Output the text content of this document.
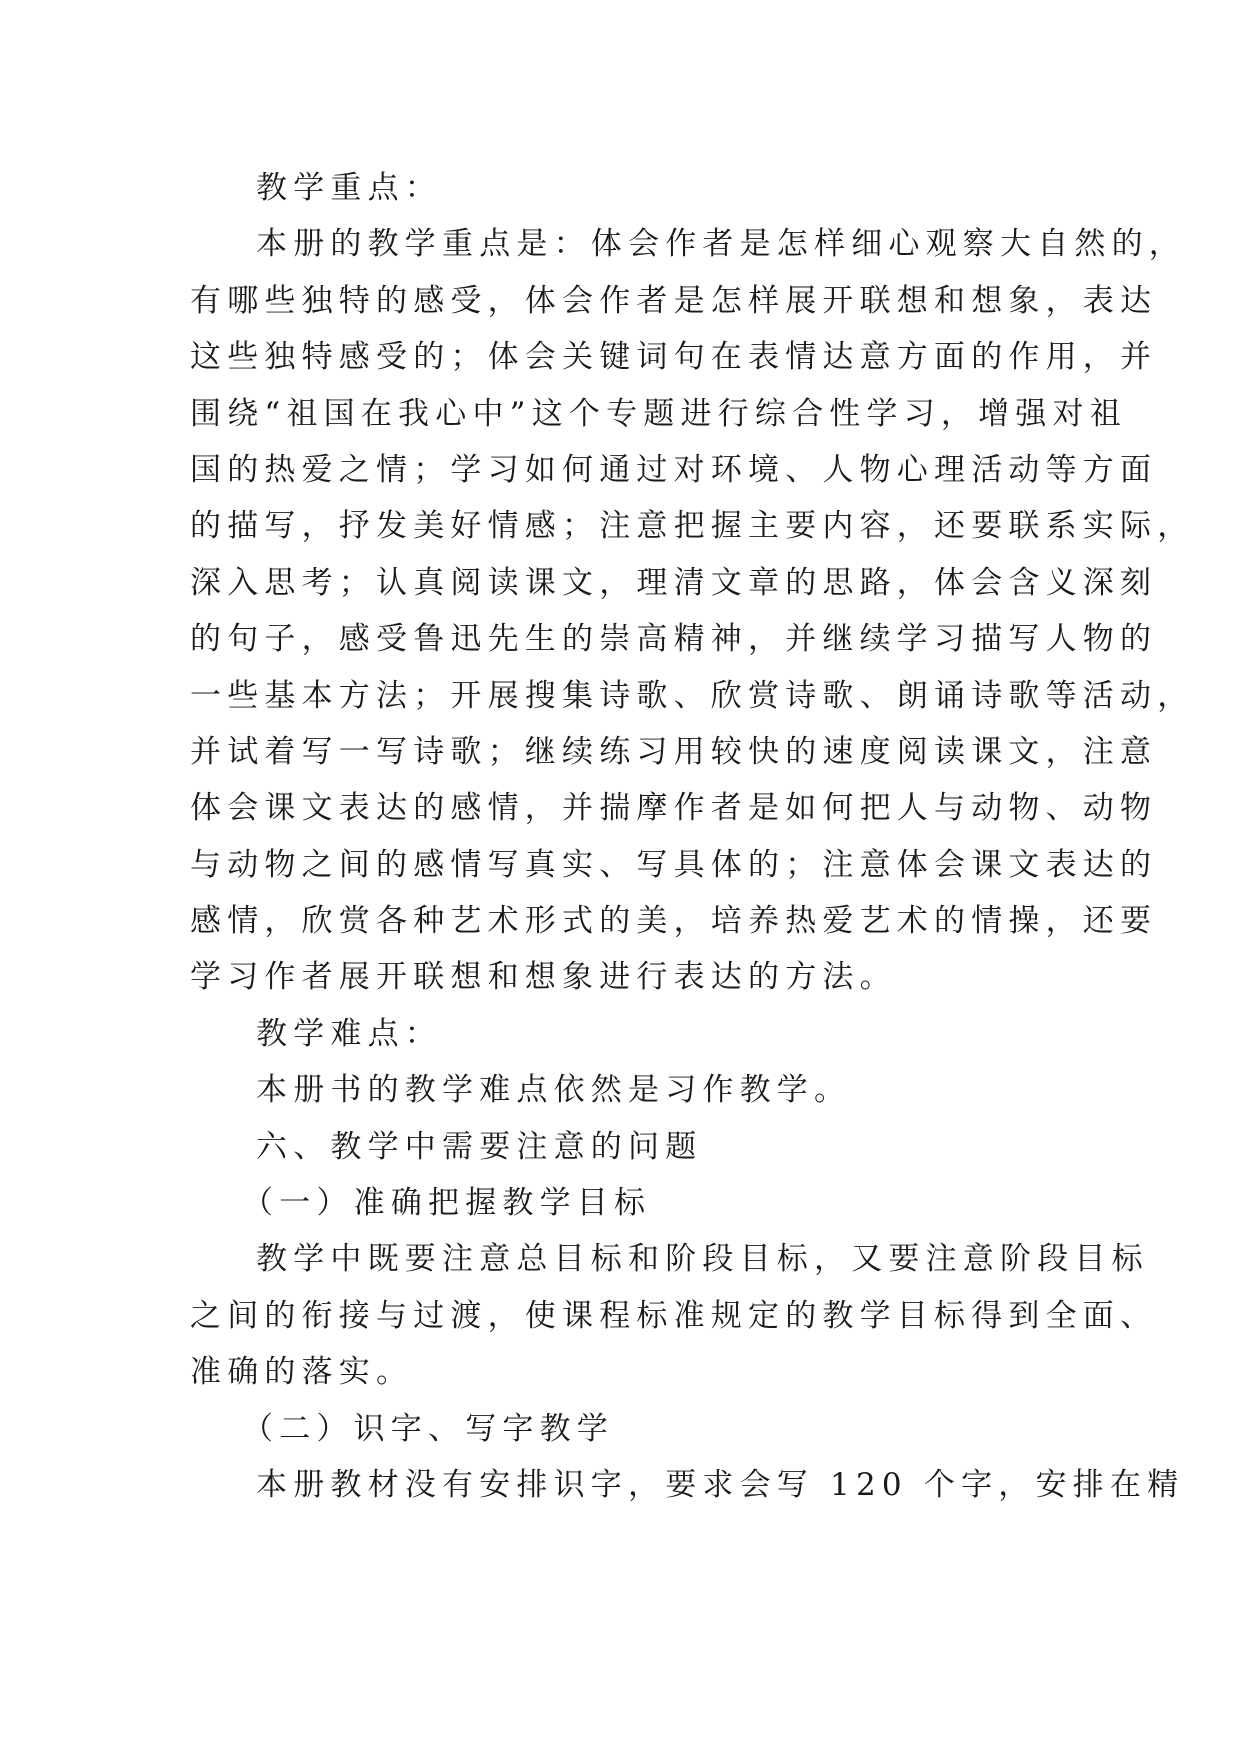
教学重点：
本册的教学重点是：体会作者是怎样细心观察大自然的，
有哪些独特的感受，体会作者是怎样展开联想和想象，表达
这些独特感受的；体会关键词句在表情达意方面的作用，并
围绕“祖国在我心中”这个专题进行综合性学习，增强对祖
国的热爱之情；学习如何通过对环境、人物心理活动等方面
的描写，抒发美好情感；注意把握主要内容，还要联系实际，
深入思考；认真阅读课文，理清文章的思路，体会含义深刻
的句子，感受鲁迅先生的崇高精神，并继续学习描写人物的
一些基本方法；开展搜集诗歌、欣赏诗歌、朗诵诗歌等活动，
并试着写一写诗歌；继续练习用较快的速度阅读课文，注意
体会课文表达的感情，并揣摩作者是如何把人与动物、动物
与动物之间的感情写真实、写具体的；注意体会课文表达的
感情，欣赏各种艺术形式的美，培养热爱艺术的情操，还要
学习作者展开联想和想象进行表达的方法。
教学难点：
本册书的教学难点依然是习作教学。
六、教学中需要注意的问题
（一）准确把握教学目标
教学中既要注意总目标和阶段目标，又要注意阶段目标
之间的衔接与过渡，使课程标准规定的教学目标得到全面、
准确的落实。
（二）识字、写字教学
本册教材没有安排识字，要求会写 120 个字，安排在精
